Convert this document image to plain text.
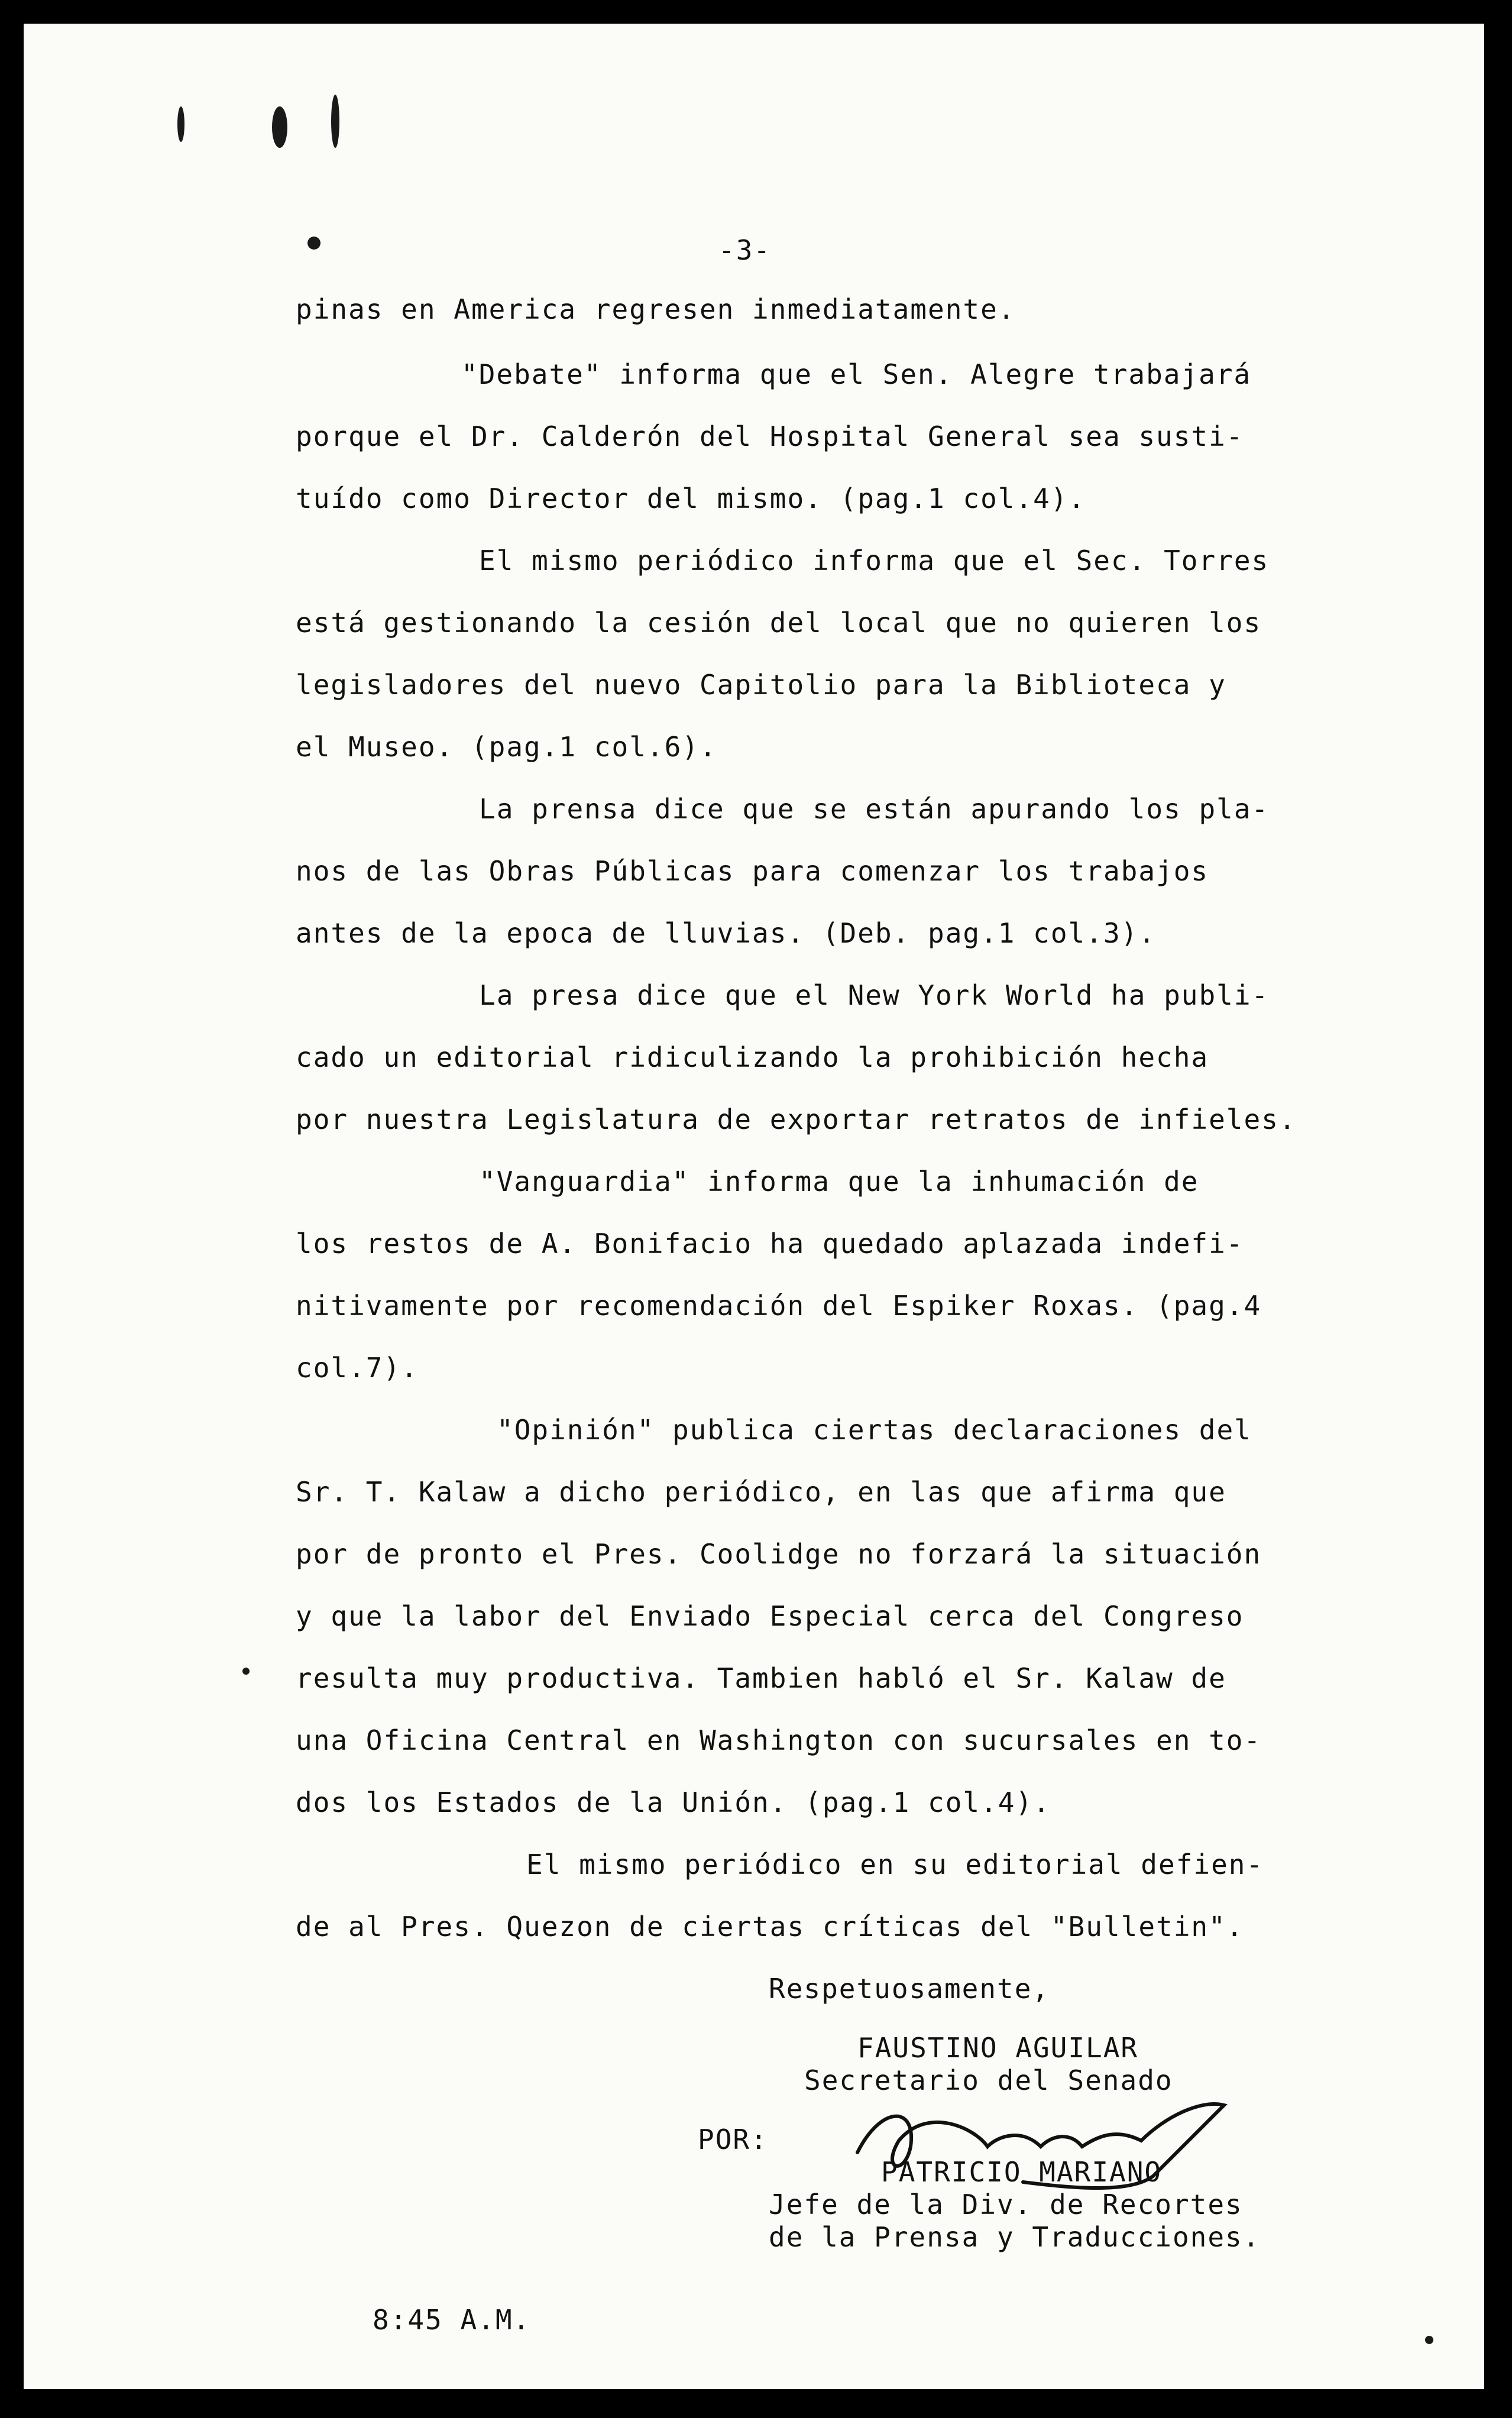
-3-
pinas en America regresen inmediatamente.
"Debate" informa que el Sen. Alegre trabajará
porque el Dr. Calderón del Hospital General sea susti-
tuído como Director del mismo. (pag.1 col.4).
El mismo periódico informa que el Sec. Torres
está gestionando la cesión del local que no quieren los
legisladores del nuevo Capitolio para la Biblioteca y
el Museo. (pag.1 col.6).
La prensa dice que se están apurando los pla-
nos de las Obras Públicas para comenzar los trabajos
antes de la epoca de lluvias. (Deb. pag.1 col.3).
La presa dice que el New York World ha publi-
cado un editorial ridiculizando la prohibición hecha
por nuestra Legislatura de exportar retratos de infieles.
"Vanguardia" informa que la inhumación de
los restos de A. Bonifacio ha quedado aplazada indefi-
nitivamente por recomendación del Espiker Roxas. (pag.4
col.7).
"Opinión" publica ciertas declaraciones del
Sr. T. Kalaw a dicho periódico, en las que afirma que
por de pronto el Pres. Coolidge no forzará la situación
y que la labor del Enviado Especial cerca del Congreso
resulta muy productiva. Tambien habló el Sr. Kalaw de
una Oficina Central en Washington con sucursales en to-
dos los Estados de la Unión. (pag.1 col.4).
El mismo periódico en su editorial defien-
de al Pres. Quezon de ciertas críticas del "Bulletin".
Respetuosamente,
FAUSTINO AGUILAR
Secretario del Senado
POR:
PATRICIO MARIANO
Jefe de la Div. de Recortes
de la Prensa y Traducciones.
8:45 A.M.
